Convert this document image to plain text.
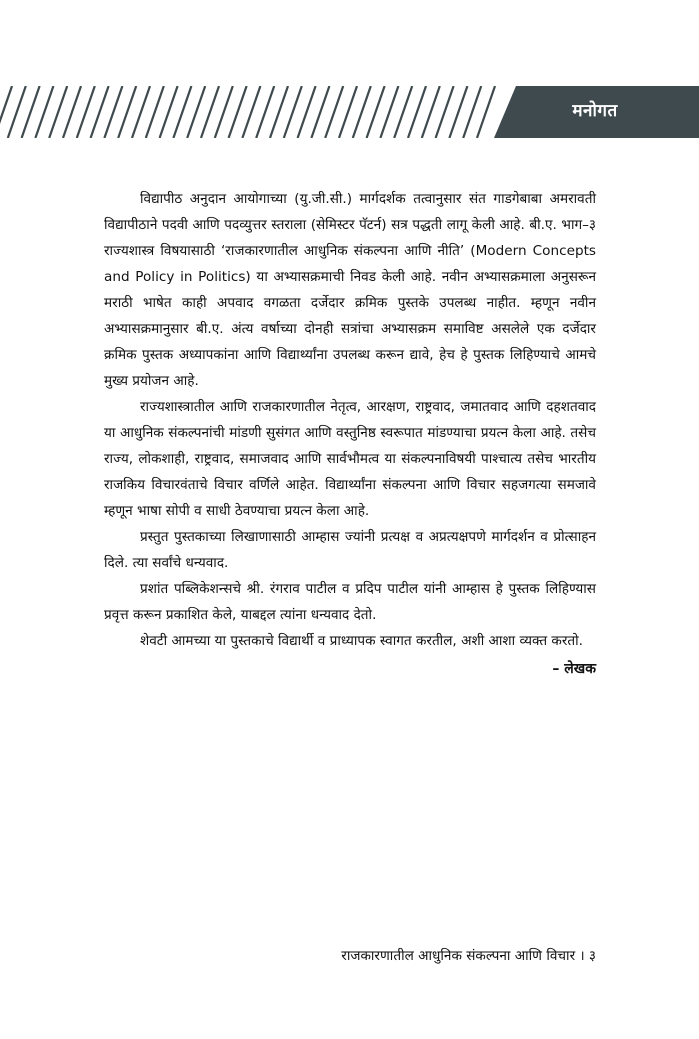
मनोगत

विद्यापीठ अनुदान आयोगाच्या (यु.जी.सी.) मार्गदर्शक तत्वानुसार संत गाडगेबाबा अमरावती विद्यापीठाने पदवी आणि पदव्युत्तर स्तराला (सेमिस्टर पॅटर्न) सत्र पद्धती लागू केली आहे. बी.ए. भाग–३ राज्यशास्त्र विषयासाठी ‘राजकारणातील आधुनिक संकल्पना आणि नीति’ (Modern Concepts and Policy in Politics) या अभ्यासक्रमाची निवड केली आहे. नवीन अभ्यासक्रमाला अनुसरून मराठी भाषेत काही अपवाद वगळता दर्जेदार क्रमिक पुस्तके उपलब्ध नाहीत. म्हणून नवीन अभ्यासक्रमानुसार बी.ए. अंत्य वर्षाच्या दोनही सत्रांचा अभ्यासक्रम समाविष्ट असलेले एक दर्जेदार क्रमिक पुस्तक अध्यापकांना आणि विद्यार्थ्यांना उपलब्ध करून द्यावे, हेच हे पुस्तक लिहिण्याचे आमचे मुख्य प्रयोजन आहे.

राज्यशास्त्रातील आणि राजकारणातील नेतृत्व, आरक्षण, राष्ट्रवाद, जमातवाद आणि दहशतवाद या आधुनिक संकल्पनांची मांडणी सुसंगत आणि वस्तुनिष्ठ स्वरूपात मांडण्याचा प्रयत्न केला आहे. तसेच राज्य, लोकशाही, राष्ट्रवाद, समाजवाद आणि सार्वभौमत्व या संकल्पनाविषयी पाश्चात्य तसेच भारतीय राजकिय विचारवंताचे विचार वर्णिले आहेत. विद्यार्थ्यांना संकल्पना आणि विचार सहजगत्या समजावे म्हणून भाषा सोपी व साधी ठेवण्याचा प्रयत्न केला आहे.

प्रस्तुत पुस्तकाच्या लिखाणासाठी आम्हास ज्यांनी प्रत्यक्ष व अप्रत्यक्षपणे मार्गदर्शन व प्रोत्साहन दिले. त्या सर्वांचे धन्यवाद.

प्रशांत पब्लिकेशन्सचे श्री. रंगराव पाटील व प्रदिप पाटील यांनी आम्हास हे पुस्तक लिहिण्यास प्रवृत्त करून प्रकाशित केले, याबद्दल त्यांना धन्यवाद देतो.

शेवटी आमच्या या पुस्तकाचे विद्यार्थी व प्राध्यापक स्वागत करतील, अशी आशा व्यक्त करतो.

– लेखक

राजकारणातील आधुनिक संकल्पना आणि विचार । ३
